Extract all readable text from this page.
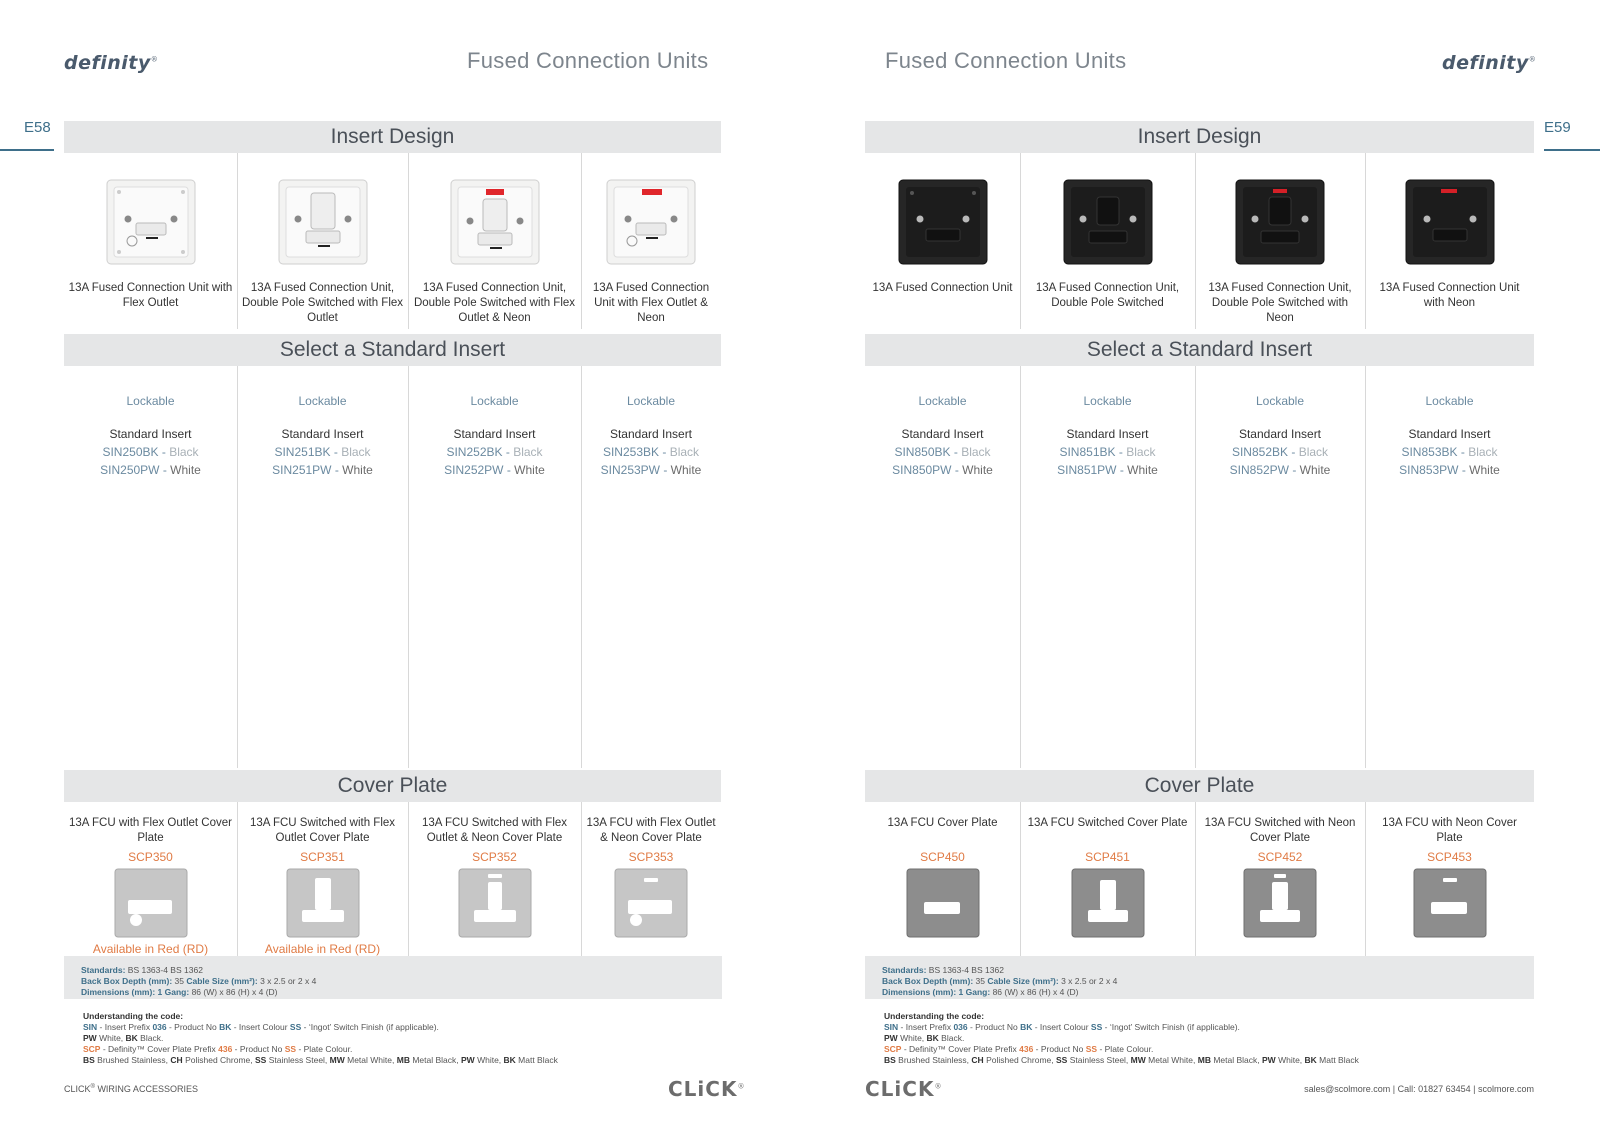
definity®	Fused Connection Units
E58	Insert Design
13A Fused Connection Unit with Flex Outlet
13A Fused Connection Unit, Double Pole Switched with Flex Outlet
13A Fused Connection Unit, Double Pole Switched with Flex Outlet & Neon
13A Fused Connection Unit with Flex Outlet & Neon
Select a Standard Insert
Lockable
Standard Insert
SIN250BK - Black
SIN250PW - White
Lockable
Standard Insert
SIN251BK - Black
SIN251PW - White
Lockable
Standard Insert
SIN252BK - Black
SIN252PW - White
Lockable
Standard Insert
SIN253BK - Black
SIN253PW - White
Cover Plate
13A FCU with Flex Outlet Cover Plate
SCP350
Available in Red (RD)
13A FCU Switched with Flex Outlet Cover Plate
SCP351
Available in Red (RD)
13A FCU Switched with Flex Outlet & Neon Cover Plate
SCP352
13A FCU with Flex Outlet & Neon Cover Plate
SCP353
Standards: BS 1363-4 BS 1362
Back Box Depth (mm): 35 Cable Size (mm²): 3 x 2.5 or 2 x 4
Dimensions (mm): 1 Gang: 86 (W) x 86 (H) x 4 (D)
Understanding the code:
SIN - Insert Prefix 036 - Product No BK - Insert Colour SS - ‘Ingot’ Switch Finish (if applicable).
PW White, BK Black.
SCP - Definity™ Cover Plate Prefix 436 - Product No SS - Plate Colour.
BS Brushed Stainless, CH Polished Chrome, SS Stainless Steel, MW Metal White, MB Metal Black, PW White, BK Matt Black
CLICK® WIRING ACCESSORIES	CLiCK®
Fused Connection Units	definity®
E59
Insert Design
13A Fused Connection Unit	13A Fused Connection Unit, Double Pole Switched
13A Fused Connection Unit, Double Pole Switched with Neon
13A Fused Connection Unit with Neon
Select a Standard Insert
Lockable
Standard Insert
SIN850BK - Black
SIN850PW - White
Lockable
Standard Insert
SIN851BK - Black
SIN851PW - White
Lockable
Standard Insert
SIN852BK - Black
SIN852PW - White
Lockable
Standard Insert
SIN853BK - Black
SIN853PW - White
Cover Plate
13A FCU Cover Plate
SCP450
13A FCU Switched Cover Plate
SCP451
13A FCU Switched with Neon Cover Plate
SCP452
13A FCU with Neon Cover Plate
SCP453
Standards: BS 1363-4 BS 1362
Back Box Depth (mm): 35 Cable Size (mm²): 3 x 2.5 or 2 x 4
Dimensions (mm): 1 Gang: 86 (W) x 86 (H) x 4 (D)
Understanding the code:
SIN - Insert Prefix 036 - Product No BK - Insert Colour SS - ‘Ingot’ Switch Finish (if applicable).
PW White, BK Black.
SCP - Definity™ Cover Plate Prefix 436 - Product No SS - Plate Colour.
BS Brushed Stainless, CH Polished Chrome, SS Stainless Steel, MW Metal White, MB Metal Black, PW White, BK Matt Black
CLiCK®	sales@scolmore.com | Call: 01827 63454 | scolmore.com
